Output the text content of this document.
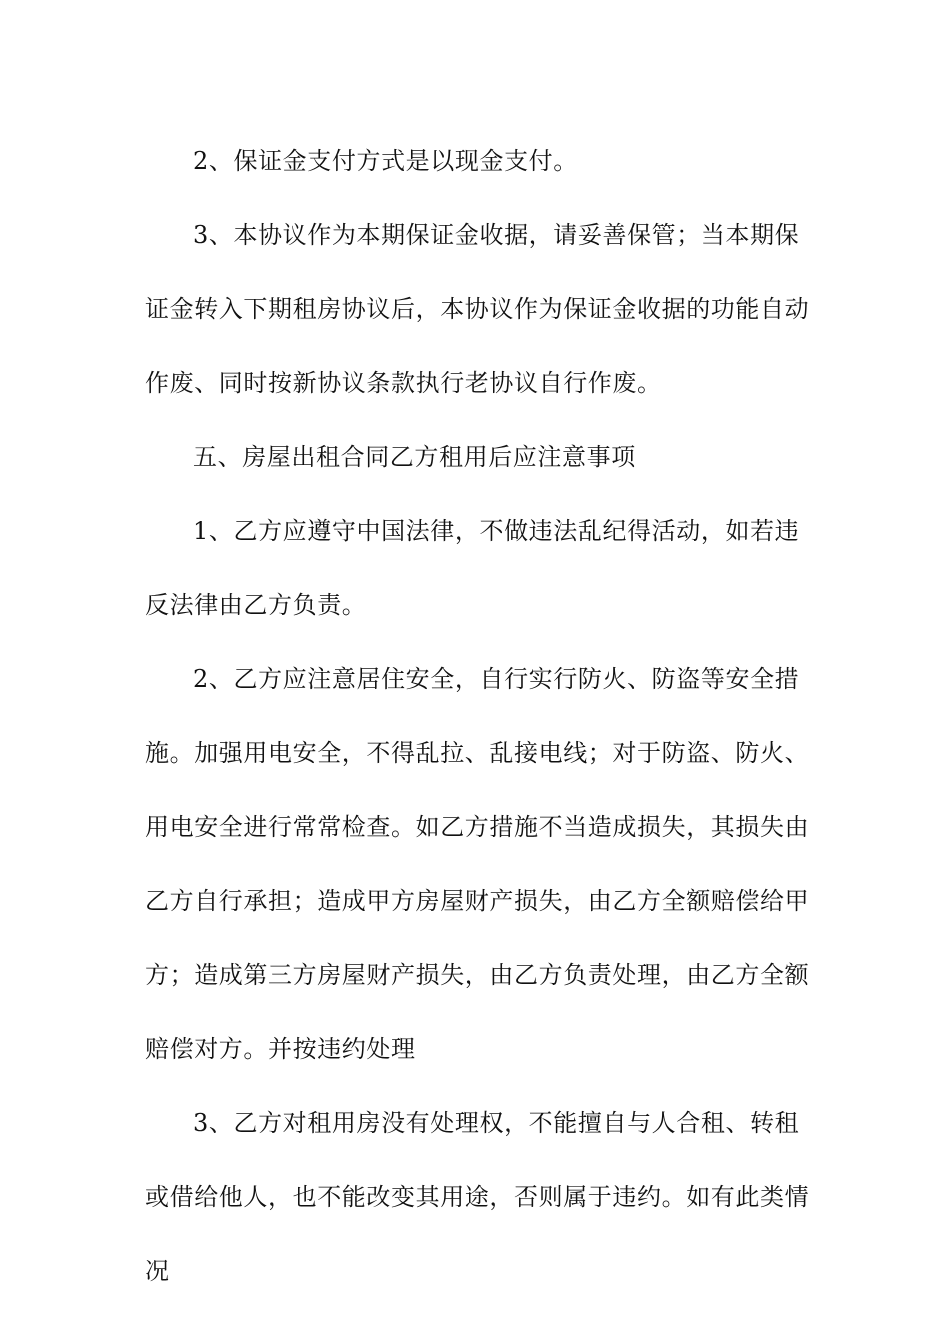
2、保证金支付方式是以现金支付。

3、本协议作为本期保证金收据，请妥善保管；当本期保证金转入下期租房协议后，本协议作为保证金收据的功能自动作废、同时按新协议条款执行老协议自行作废。

五、房屋出租合同乙方租用后应注意事项

1、乙方应遵守中国法律，不做违法乱纪得活动，如若违反法律由乙方负责。

2、乙方应注意居住安全，自行实行防火、防盗等安全措施。加强用电安全，不得乱拉、乱接电线；对于防盗、防火、用电安全进行常常检查。如乙方措施不当造成损失，其损失由乙方自行承担；造成甲方房屋财产损失，由乙方全额赔偿给甲方；造成第三方房屋财产损失，由乙方负责处理，由乙方全额赔偿对方。并按违约处理

3、乙方对租用房没有处理权，不能擅自与人合租、转租或借给他人，也不能改变其用途，否则属于违约。如有此类情况
